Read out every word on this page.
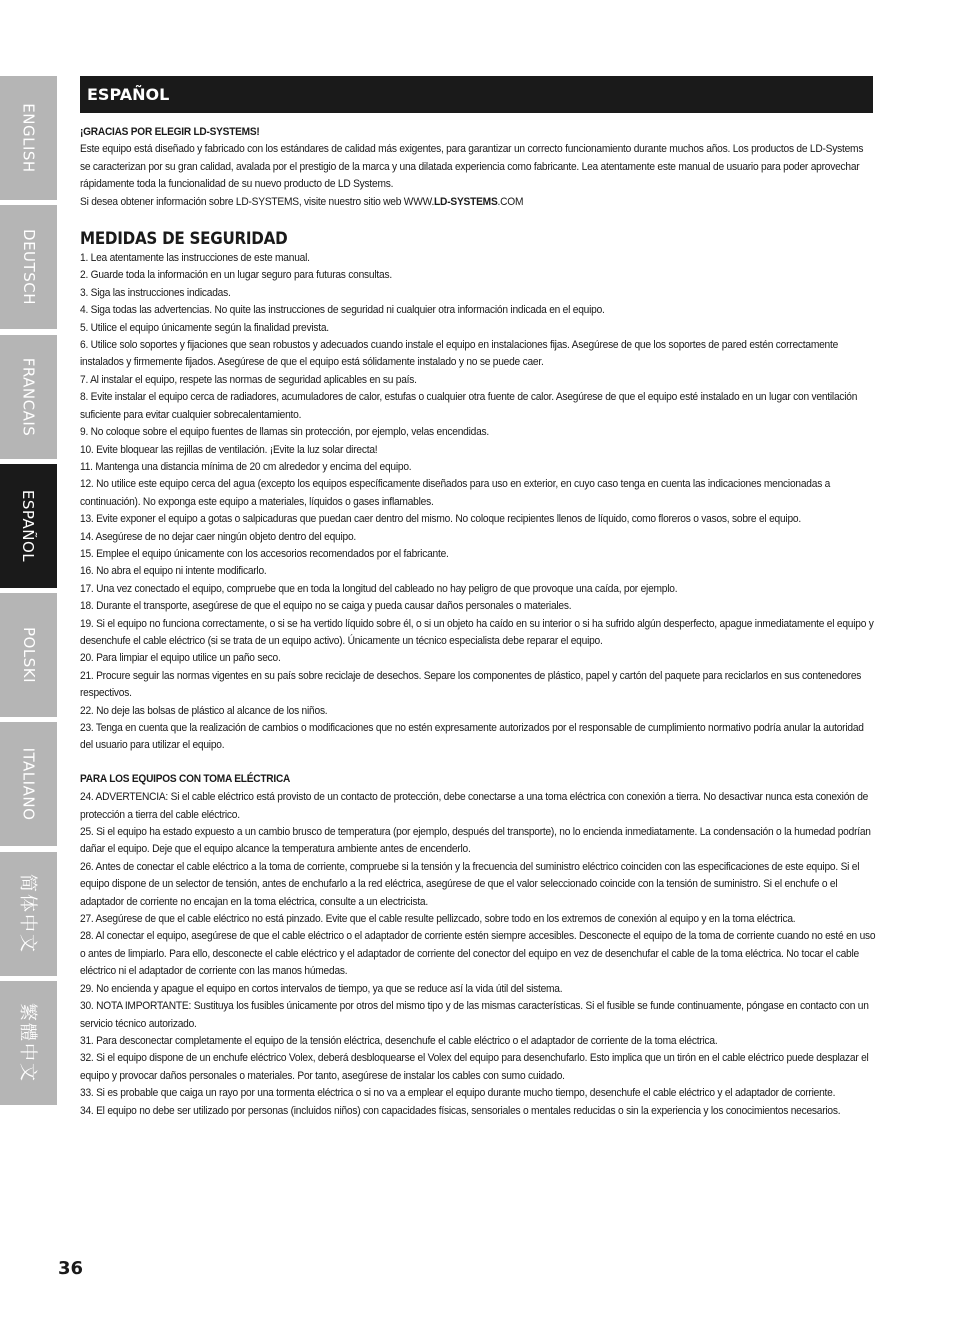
ENGLISH
DEUTSCH
FRANCAIS
ESPAÑOL
POLSKI
ITALIANO
简体中文
繁體中文
ESPAÑOL

¡GRACIAS POR ELEGIR LD-SYSTEMS!

Este equipo está diseñado y fabricado con los estándares de calidad más exigentes, para garantizar un correcto funcionamiento durante muchos años. Los productos de LD-Systems se caracterizan por su gran calidad, avalada por el prestigio de la marca y una dilatada experiencia como fabricante. Lea atentamente este manual de usuario para poder aprovechar rápidamente toda la funcionalidad de su nuevo producto de LD Systems.

Si desea obtener información sobre LD-SYSTEMS, visite nuestro sitio web WWW.LD-SYSTEMS.COM

MEDIDAS DE SEGURIDAD

1. Lea atentamente las instrucciones de este manual.

2. Guarde toda la información en un lugar seguro para futuras consultas.

3. Siga las instrucciones indicadas.

4. Siga todas las advertencias. No quite las instrucciones de seguridad ni cualquier otra información indicada en el equipo.

5. Utilice el equipo únicamente según la finalidad prevista.

6. Utilice solo soportes y fijaciones que sean robustos y adecuados cuando instale el equipo en instalaciones fijas. Asegúrese de que los soportes de pared estén correctamente instalados y firmemente fijados. Asegúrese de que el equipo está sólidamente instalado y no se puede caer.

7. Al instalar el equipo, respete las normas de seguridad aplicables en su país.

8. Evite instalar el equipo cerca de radiadores, acumuladores de calor, estufas o cualquier otra fuente de calor. Asegúrese de que el equipo esté instalado en un lugar con ventilación suficiente para evitar cualquier sobrecalentamiento.

9. No coloque sobre el equipo fuentes de llamas sin protección, por ejemplo, velas encendidas.

10. Evite bloquear las rejillas de ventilación. ¡Evite la luz solar directa!

11. Mantenga una distancia mínima de 20 cm alrededor y encima del equipo.

12. No utilice este equipo cerca del agua (excepto los equipos específicamente diseñados para uso en exterior, en cuyo caso tenga en cuenta las indicaciones mencionadas a continuación). No exponga este equipo a materiales, líquidos o gases inflamables.

13. Evite exponer el equipo a gotas o salpicaduras que puedan caer dentro del mismo. No coloque recipientes llenos de líquido, como floreros o vasos, sobre el equipo.

14. Asegúrese de no dejar caer ningún objeto dentro del equipo.

15. Emplee el equipo únicamente con los accesorios recomendados por el fabricante.

16. No abra el equipo ni intente modificarlo.

17. Una vez conectado el equipo, compruebe que en toda la longitud del cableado no hay peligro de que provoque una caída, por ejemplo.

18. Durante el transporte, asegúrese de que el equipo no se caiga y pueda causar daños personales o materiales.

19. Si el equipo no funciona correctamente, o si se ha vertido líquido sobre él, o si un objeto ha caído en su interior o si ha sufrido algún desperfecto, apague inmediatamente el equipo y desenchufe el cable eléctrico (si se trata de un equipo activo). Únicamente un técnico especialista debe reparar el equipo.

20. Para limpiar el equipo utilice un paño seco.

21. Procure seguir las normas vigentes en su país sobre reciclaje de desechos. Separe los componentes de plástico, papel y cartón del paquete para reciclarlos en sus contenedores respectivos.

22. No deje las bolsas de plástico al alcance de los niños.

23. Tenga en cuenta que la realización de cambios o modificaciones que no estén expresamente autorizados por el responsable de cumplimiento normativo podría anular la autoridad del usuario para utilizar el equipo.

PARA LOS EQUIPOS CON TOMA ELÉCTRICA

24. ADVERTENCIA: Si el cable eléctrico está provisto de un contacto de protección, debe conectarse a una toma eléctrica con conexión a tierra. No desactivar nunca esta conexión de protección a tierra del cable eléctrico.

25. Si el equipo ha estado expuesto a un cambio brusco de temperatura (por ejemplo, después del transporte), no lo encienda inmediatamente. La condensación o la humedad podrían dañar el equipo. Deje que el equipo alcance la temperatura ambiente antes de encenderlo.

26. Antes de conectar el cable eléctrico a la toma de corriente, compruebe si la tensión y la frecuencia del suministro eléctrico coinciden con las especificaciones de este equipo. Si el equipo dispone de un selector de tensión, antes de enchufarlo a la red eléctrica, asegúrese de que el valor seleccionado coincide con la tensión de suministro. Si el enchufe o el adaptador de corriente no encajan en la toma eléctrica, consulte a un electricista.

27. Asegúrese de que el cable eléctrico no está pinzado. Evite que el cable resulte pellizcado, sobre todo en los extremos de conexión al equipo y en la toma eléctrica.

28. Al conectar el equipo, asegúrese de que el cable eléctrico o el adaptador de corriente estén siempre accesibles. Desconecte el equipo de la toma de corriente cuando no esté en uso o antes de limpiarlo. Para ello, desconecte el cable eléctrico y el adaptador de corriente del conector del equipo en vez de desenchufar el cable de la toma eléctrica. No tocar el cable eléctrico ni el adaptador de corriente con las manos húmedas.

29. No encienda y apague el equipo en cortos intervalos de tiempo, ya que se reduce así la vida útil del sistema.

30. NOTA IMPORTANTE: Sustituya los fusibles únicamente por otros del mismo tipo y de las mismas características. Si el fusible se funde continuamente, póngase en contacto con un servicio técnico autorizado.

31. Para desconectar completamente el equipo de la tensión eléctrica, desenchufe el cable eléctrico o el adaptador de corriente de la toma eléctrica.

32. Si el equipo dispone de un enchufe eléctrico Volex, deberá desbloquearse el Volex del equipo para desenchufarlo. Esto implica que un tirón en el cable eléctrico puede desplazar el equipo y provocar daños personales o materiales. Por tanto, asegúrese de instalar los cables con sumo cuidado.

33. Si es probable que caiga un rayo por una tormenta eléctrica o si no va a emplear el equipo durante mucho tiempo, desenchufe el cable eléctrico y el adaptador de corriente.

34. El equipo no debe ser utilizado por personas (incluidos niños) con capacidades físicas, sensoriales o mentales reducidas o sin la experiencia y los conocimientos necesarios.

36
